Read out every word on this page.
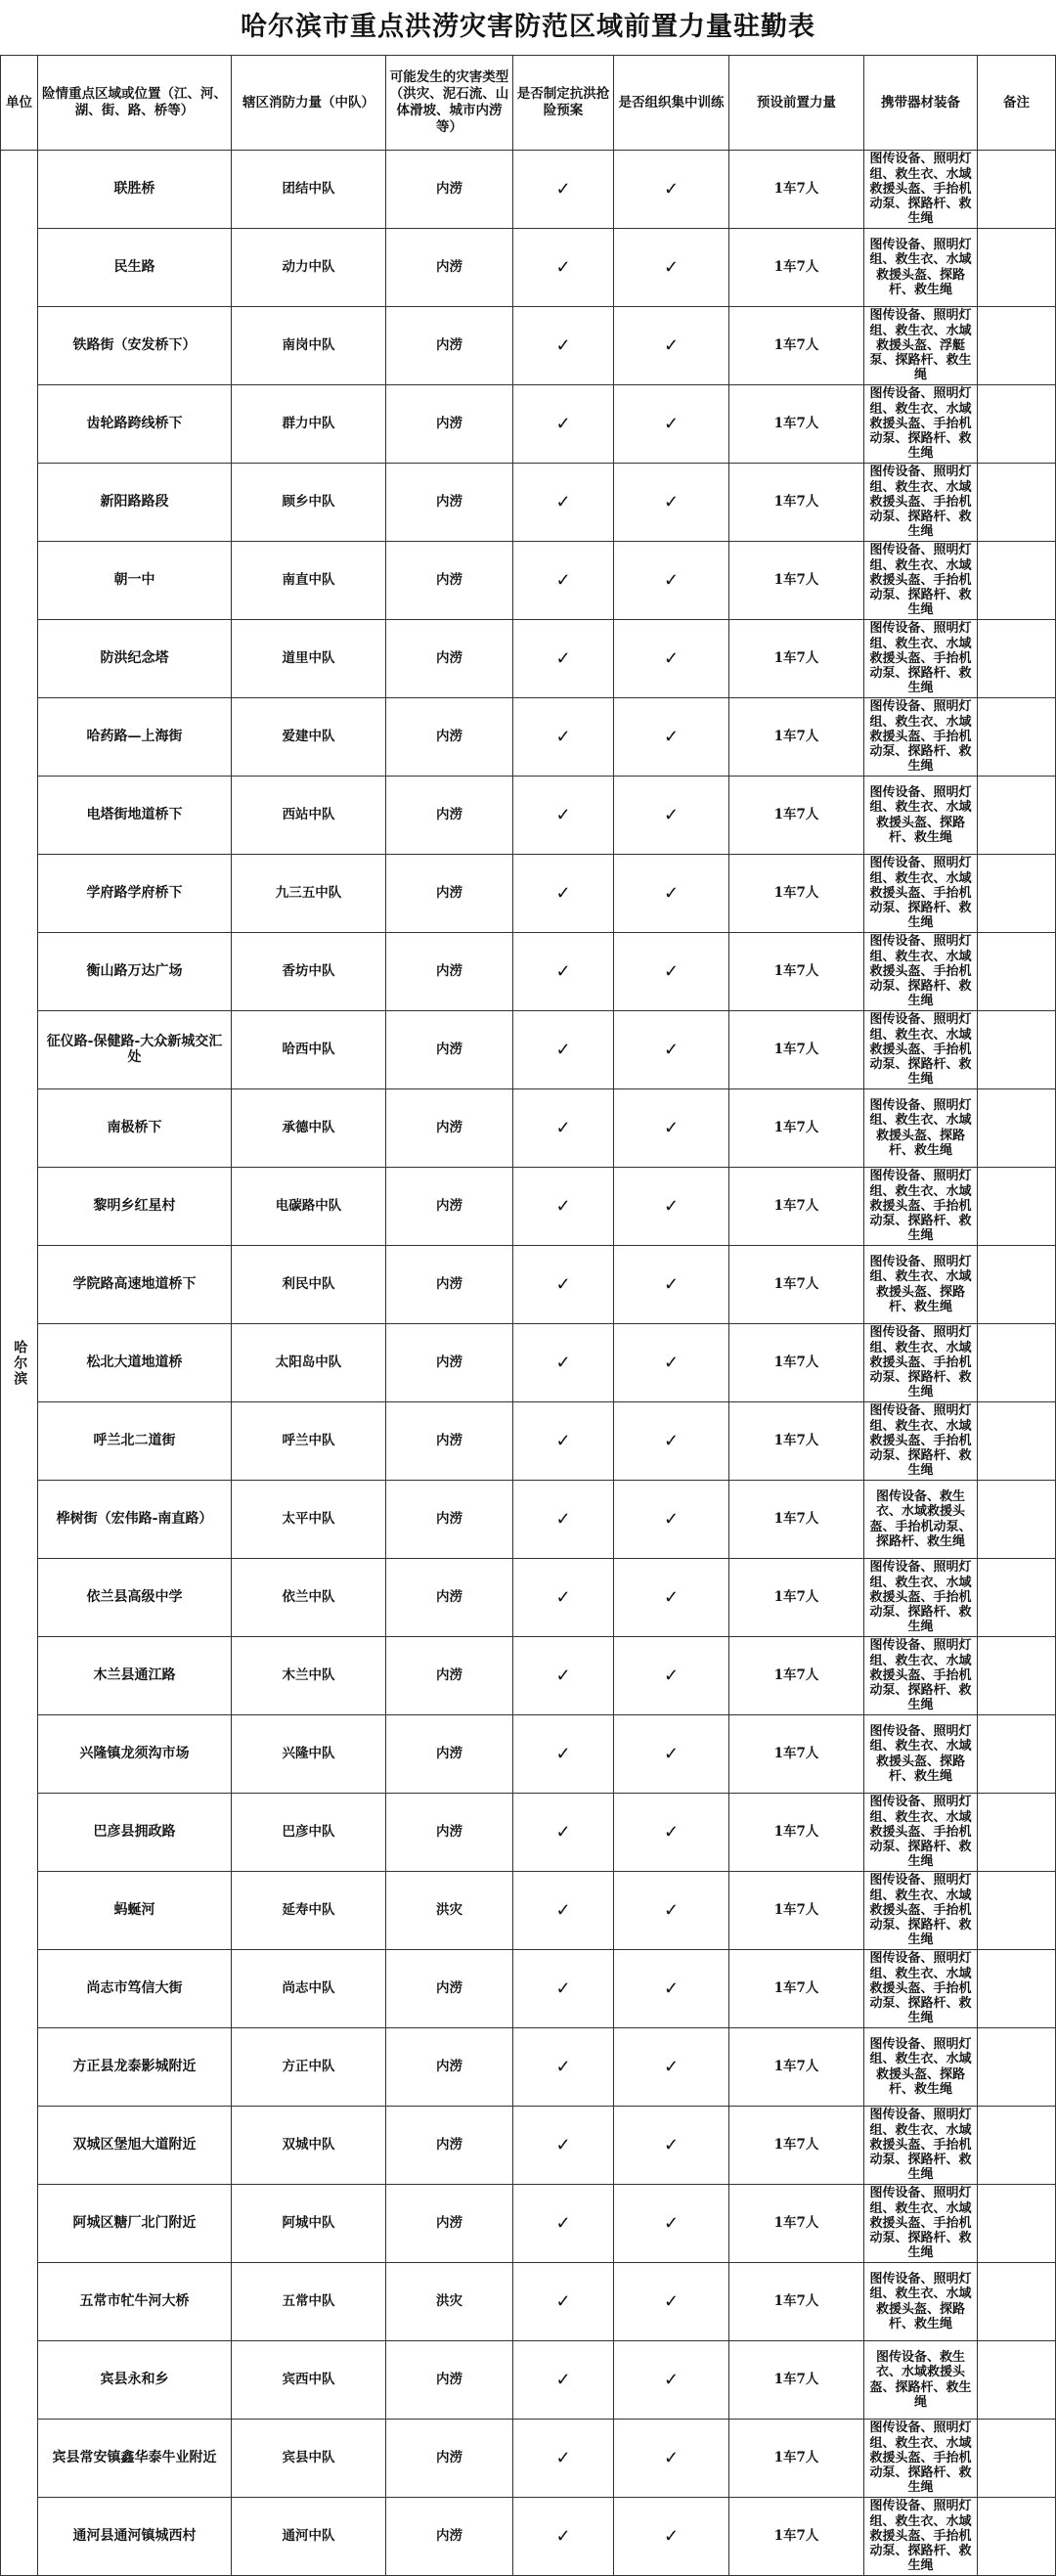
哈尔滨市重点洪涝灾害防范区域前置力量驻勤表
单位	险情重点区域或位置（江、河、湖、街、路、桥等）	辖区消防力量（中队）	可能发生的灾害类型（洪灾、泥石流、山体滑坡、城市内涝等）	是否制定抗洪抢险预案	是否组织集中训练	预设前置力量	携带器材装备	备注
哈尔滨	联胜桥	团结中队	内涝	✓	✓	1车7人	图传设备、照明灯组、救生衣、水域救援头盔、手抬机动泵、探路杆、救生绳	
	民生路	动力中队	内涝	✓	✓	1车7人	图传设备、照明灯组、救生衣、水域救援头盔、探路杆、救生绳	
	铁路街（安发桥下）	南岗中队	内涝	✓	✓	1车7人	图传设备、照明灯组、救生衣、水域救援头盔、浮艇泵、探路杆、救生绳	
	齿轮路跨线桥下	群力中队	内涝	✓	✓	1车7人	图传设备、照明灯组、救生衣、水域救援头盔、手抬机动泵、探路杆、救生绳	
	新阳路路段	顾乡中队	内涝	✓	✓	1车7人	图传设备、照明灯组、救生衣、水域救援头盔、手抬机动泵、探路杆、救生绳	
	朝一中	南直中队	内涝	✓	✓	1车7人	图传设备、照明灯组、救生衣、水域救援头盔、手抬机动泵、探路杆、救生绳	
	防洪纪念塔	道里中队	内涝	✓	✓	1车7人	图传设备、照明灯组、救生衣、水域救援头盔、手抬机动泵、探路杆、救生绳	
	哈药路—上海街	爱建中队	内涝	✓	✓	1车7人	图传设备、照明灯组、救生衣、水域救援头盔、手抬机动泵、探路杆、救生绳	
	电塔街地道桥下	西站中队	内涝	✓	✓	1车7人	图传设备、照明灯组、救生衣、水域救援头盔、探路杆、救生绳	
	学府路学府桥下	九三五中队	内涝	✓	✓	1车7人	图传设备、照明灯组、救生衣、水域救援头盔、手抬机动泵、探路杆、救生绳	
	衡山路万达广场	香坊中队	内涝	✓	✓	1车7人	图传设备、照明灯组、救生衣、水域救援头盔、手抬机动泵、探路杆、救生绳	
	征仪路-保健路-大众新城交汇处	哈西中队	内涝	✓	✓	1车7人	图传设备、照明灯组、救生衣、水域救援头盔、手抬机动泵、探路杆、救生绳	
	南极桥下	承德中队	内涝	✓	✓	1车7人	图传设备、照明灯组、救生衣、水域救援头盔、探路杆、救生绳	
	黎明乡红星村	电碳路中队	内涝	✓	✓	1车7人	图传设备、照明灯组、救生衣、水域救援头盔、手抬机动泵、探路杆、救生绳	
	学院路高速地道桥下	利民中队	内涝	✓	✓	1车7人	图传设备、照明灯组、救生衣、水域救援头盔、探路杆、救生绳	
	松北大道地道桥	太阳岛中队	内涝	✓	✓	1车7人	图传设备、照明灯组、救生衣、水域救援头盔、手抬机动泵、探路杆、救生绳	
	呼兰北二道街	呼兰中队	内涝	✓	✓	1车7人	图传设备、照明灯组、救生衣、水域救援头盔、手抬机动泵、探路杆、救生绳	
	桦树街（宏伟路-南直路）	太平中队	内涝	✓	✓	1车7人	图传设备、救生衣、水域救援头盔、手抬机动泵、探路杆、救生绳	
	依兰县高级中学	依兰中队	内涝	✓	✓	1车7人	图传设备、照明灯组、救生衣、水域救援头盔、手抬机动泵、探路杆、救生绳	
	木兰县通江路	木兰中队	内涝	✓	✓	1车7人	图传设备、照明灯组、救生衣、水域救援头盔、手抬机动泵、探路杆、救生绳	
	兴隆镇龙须沟市场	兴隆中队	内涝	✓	✓	1车7人	图传设备、照明灯组、救生衣、水域救援头盔、探路杆、救生绳	
	巴彦县拥政路	巴彦中队	内涝	✓	✓	1车7人	图传设备、照明灯组、救生衣、水域救援头盔、手抬机动泵、探路杆、救生绳	
	蚂蜒河	延寿中队	洪灾	✓	✓	1车7人	图传设备、照明灯组、救生衣、水域救援头盔、手抬机动泵、探路杆、救生绳	
	尚志市笃信大街	尚志中队	内涝	✓	✓	1车7人	图传设备、照明灯组、救生衣、水域救援头盔、手抬机动泵、探路杆、救生绳	
	方正县龙泰影城附近	方正中队	内涝	✓	✓	1车7人	图传设备、照明灯组、救生衣、水域救援头盔、探路杆、救生绳	
	双城区堡旭大道附近	双城中队	内涝	✓	✓	1车7人	图传设备、照明灯组、救生衣、水域救援头盔、手抬机动泵、探路杆、救生绳	
	阿城区糖厂北门附近	阿城中队	内涝	✓	✓	1车7人	图传设备、照明灯组、救生衣、水域救援头盔、手抬机动泵、探路杆、救生绳	
	五常市牤牛河大桥	五常中队	洪灾	✓	✓	1车7人	图传设备、照明灯组、救生衣、水域救援头盔、探路杆、救生绳	
	宾县永和乡	宾西中队	内涝	✓	✓	1车7人	图传设备、救生衣、水域救援头盔、探路杆、救生绳	
	宾县常安镇鑫华泰牛业附近	宾县中队	内涝	✓	✓	1车7人	图传设备、照明灯组、救生衣、水域救援头盔、手抬机动泵、探路杆、救生绳	
	通河县通河镇城西村	通河中队	内涝	✓	✓	1车7人	图传设备、照明灯组、救生衣、水域救援头盔、手抬机动泵、探路杆、救生绳	
